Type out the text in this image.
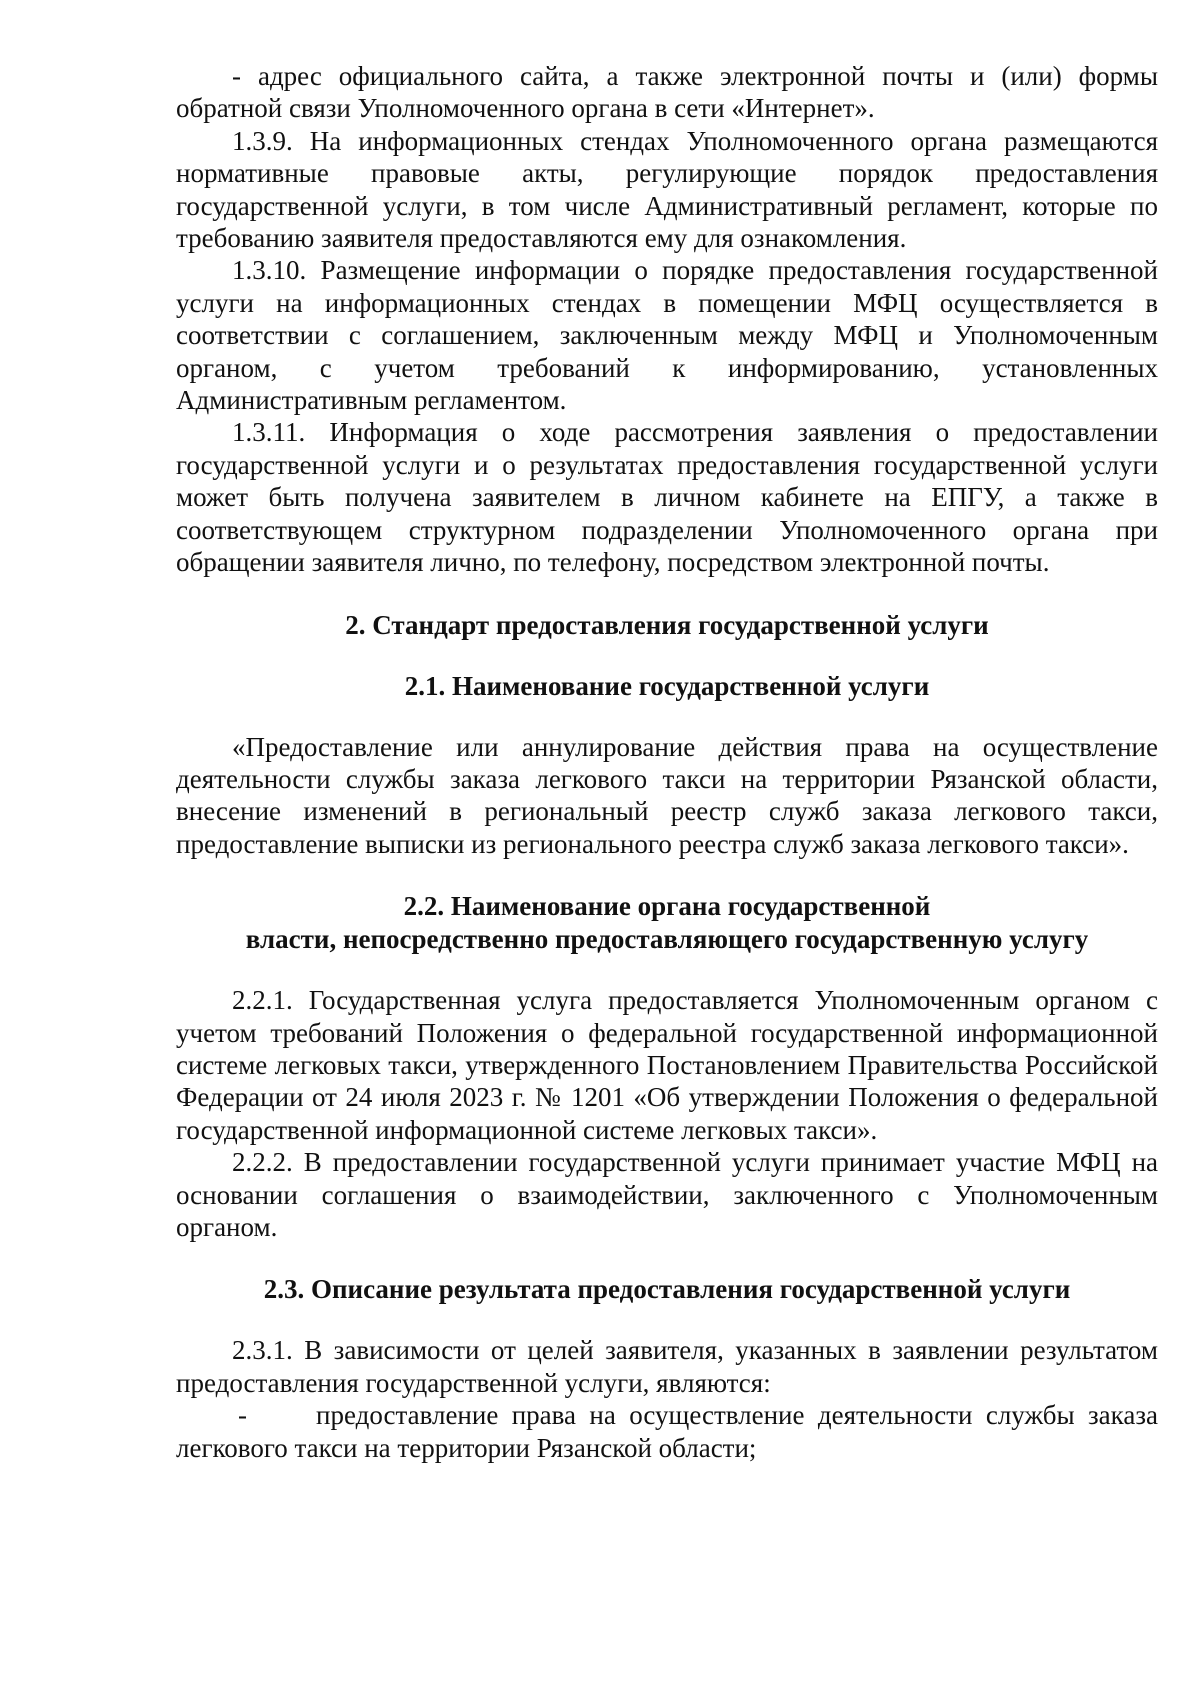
- адрес официального сайта, а также электронной почты и (или) формы обратной связи Уполномоченного органа в сети «Интернет».

1.3.9. На информационных стендах Уполномоченного органа размещаются нормативные правовые акты, регулирующие порядок предоставления государственной услуги, в том числе Административный регламент, которые по требованию заявителя предоставляются ему для ознакомления.

1.3.10. Размещение информации о порядке предоставления государственной услуги на информационных стендах в помещении МФЦ осуществляется в соответствии с соглашением, заключенным между МФЦ и Уполномоченным органом, с учетом требований к информированию, установленных Административным регламентом.

1.3.11. Информация о ходе рассмотрения заявления о предоставлении государственной услуги и о результатах предоставления государственной услуги может быть получена заявителем в личном кабинете на ЕПГУ, а также в соответствующем структурном подразделении Уполномоченного органа при обращении заявителя лично, по телефону, посредством электронной почты.

2. Стандарт предоставления государственной услуги
2.1. Наименование государственной услуги

«Предоставление или аннулирование действия права на осуществление деятельности службы заказа легкового такси на территории Рязанской области, внесение изменений в региональный реестр служб заказа легкового такси, предоставление выписки из регионального реестра служб заказа легкового такси».

2.2. Наименование органа государственной
власти, непосредственно предоставляющего государственную услугу

2.2.1. Государственная услуга предоставляется Уполномоченным органом с учетом требований Положения о федеральной государственной информационной системе легковых такси, утвержденного Постановлением Правительства Российской Федерации от 24 июля 2023 г. № 1201 «Об утверждении Положения о федеральной государственной информационной системе легковых такси».

2.2.2. В предоставлении государственной услуги принимает участие МФЦ на основании соглашения о взаимодействии, заключенного с Уполномоченным органом.

2.3. Описание результата предоставления государственной услуги

2.3.1. В зависимости от целей заявителя, указанных в заявлении результатом предоставления государственной услуги, являются:

-	предоставление права на осуществление деятельности службы заказа легкового такси на территории Рязанской области;
